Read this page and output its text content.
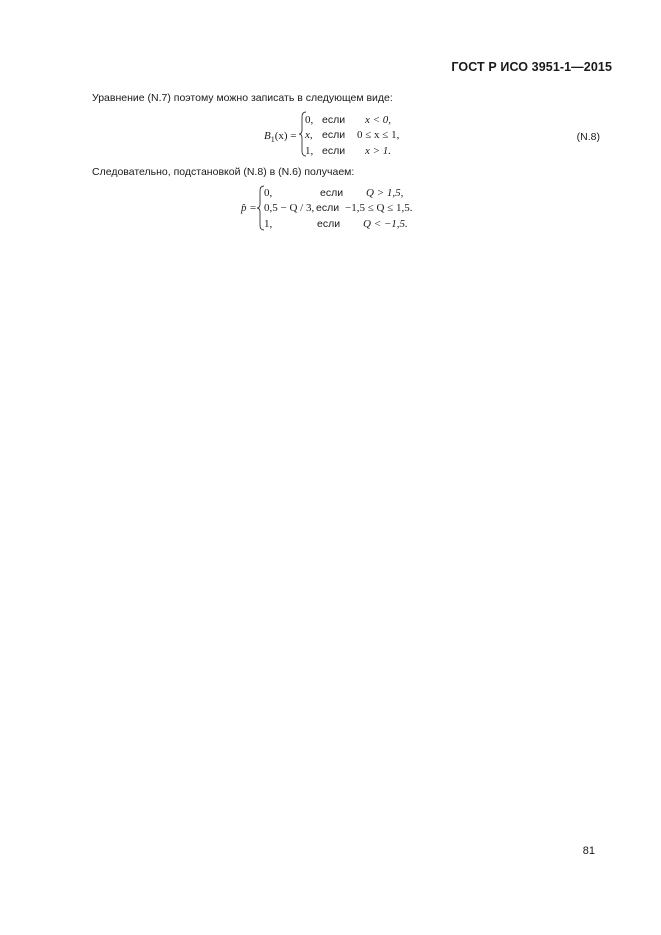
ГОСТ Р ИСО 3951-1—2015
Уравнение (N.7) поэтому можно записать в следующем виде:
$B_1(x)$ =
0, если x < 0,
x, если 0 ≤ x ≤ 1,
1, если x > 1.
(N.8)
Следовательно, подстановкой (N.8) в (N.6) получаем:
p̂ =
0,	если Q > 1,5,
0,5 − Q / 3, если −1,5 ≤ Q ≤ 1,5.
1,	если Q < −1,5.
81
